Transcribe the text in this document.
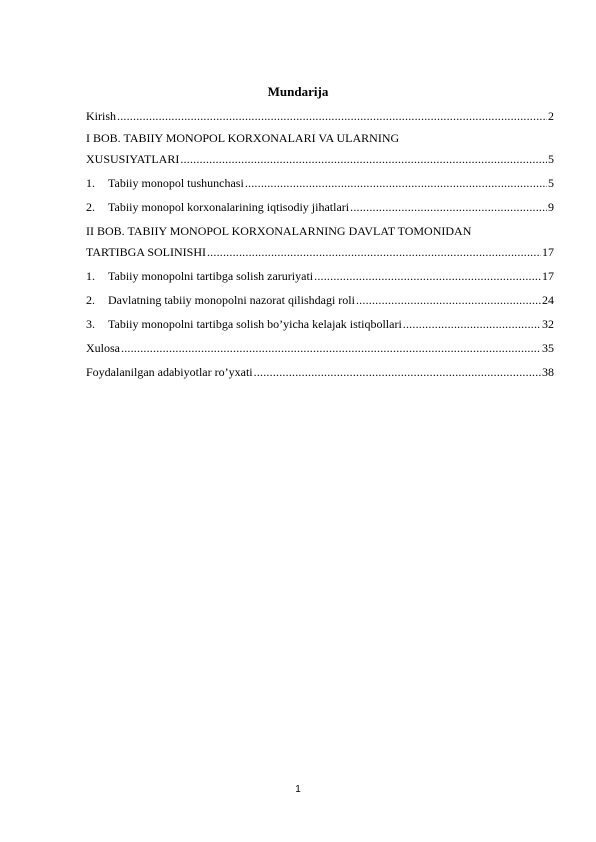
Mundarija
Kirish .....	2
I BOB. TABIIY MONOPOL KORXONALARI VA ULARNING
XUSUSIYATLARI .....	5
1.	Tabiiy monopol tushunchasi .....	5
2.	Tabiiy monopol korxonalarining iqtisodiy jihatlari .....	9
II BOB. TABIIY MONOPOL KORXONALARNING DAVLAT TOMONIDAN
TARTIBGA SOLINISHI .....	17
1.	Tabiiy monopolni tartibga solish zaruriyati .....	17
2.	Davlatning tabiiy monopolni nazorat qilishdagi roli .....	24
3.	Tabiiy monopolni tartibga solish bo’yicha kelajak istiqbollari .....	32
Xulosa .....	35
Foydalanilgan adabiyotlar ro’yxati .....	38
1
